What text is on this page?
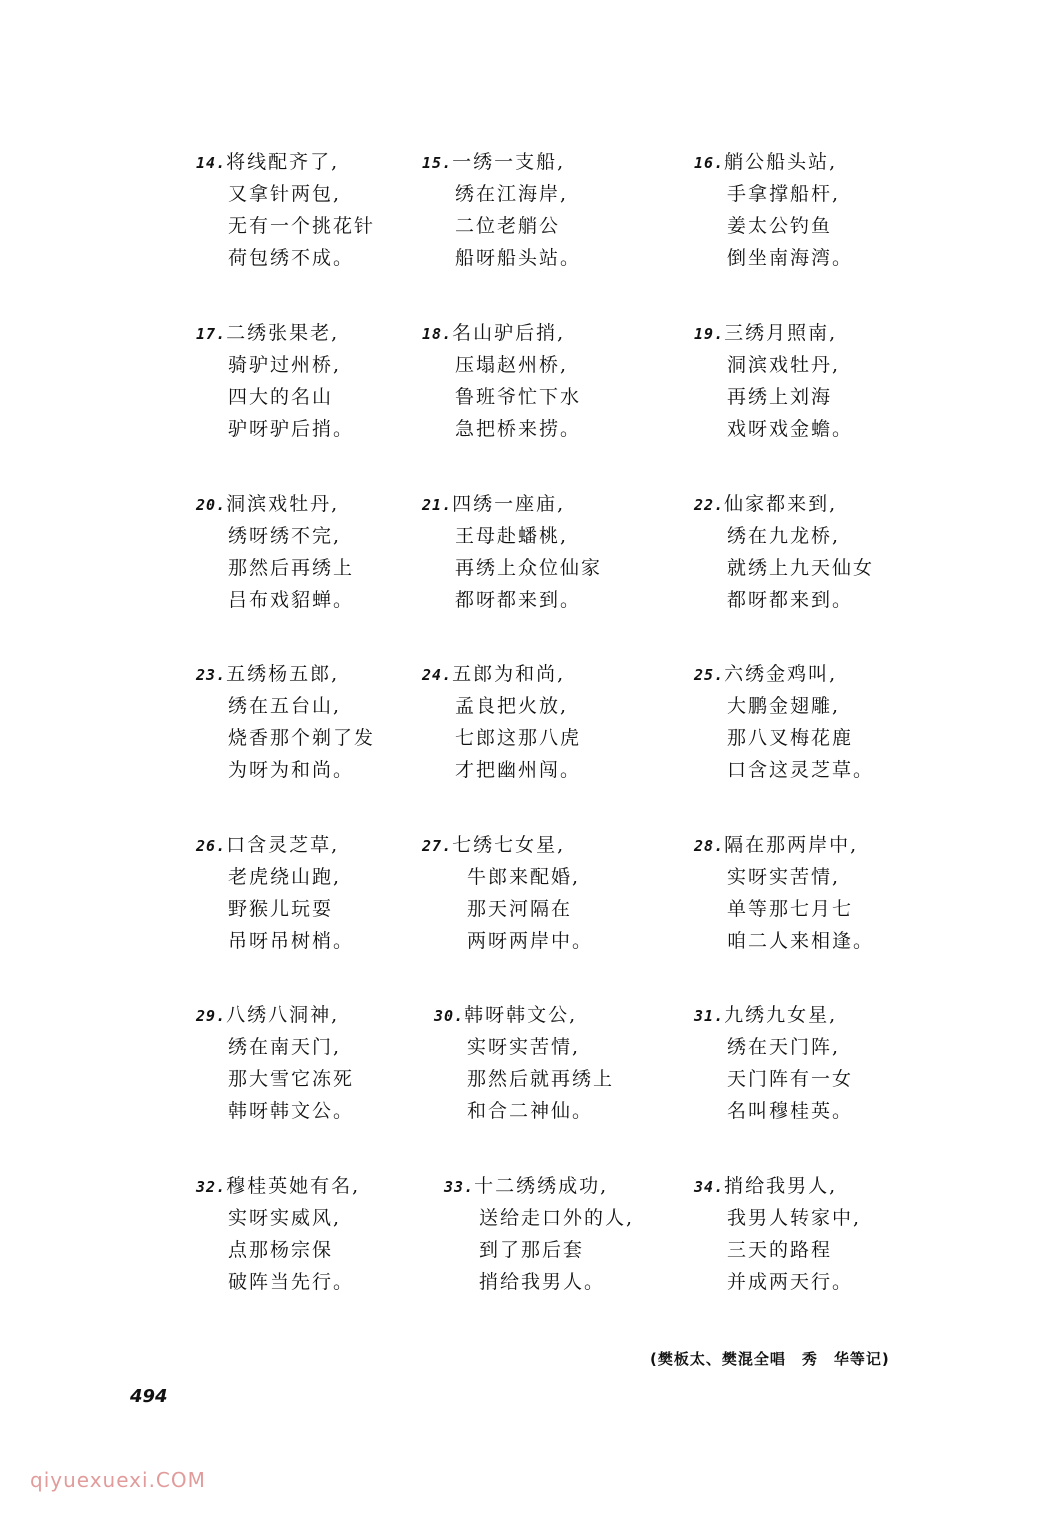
14.将线配齐了,
又拿针两包,
无有一个挑花针
荷包绣不成。
15.一绣一支船,
绣在江海岸,
二位老艄公
船呀船头站。
16.艄公船头站,
手拿撑船杆,
姜太公钓鱼
倒坐南海湾。
17.二绣张果老,
骑驴过州桥,
四大的名山
驴呀驴后捎。
18.名山驴后捎,
压塌赵州桥,
鲁班爷忙下水
急把桥来捞。
19.三绣月照南,
洞滨戏牡丹,
再绣上刘海
戏呀戏金蟾。
20.洞滨戏牡丹,
绣呀绣不完,
那然后再绣上
吕布戏貂蝉。
21.四绣一座庙,
王母赴蟠桃,
再绣上众位仙家
都呀都来到。
22.仙家都来到,
绣在九龙桥,
就绣上九天仙女
都呀都来到。
23.五绣杨五郎,
绣在五台山,
烧香那个剃了发
为呀为和尚。
24.五郎为和尚,
孟良把火放,
七郎这那八虎
才把幽州闯。
25.六绣金鸡叫,
大鹏金翅雕,
那八叉梅花鹿
口含这灵芝草。
26.口含灵芝草,
老虎绕山跑,
野猴儿玩耍
吊呀吊树梢。
27.七绣七女星,
牛郎来配婚,
那天河隔在
两呀两岸中。
28.隔在那两岸中,
实呀实苦情,
单等那七月七
咱二人来相逢。
29.八绣八洞神,
绣在南天门,
那大雪它冻死
韩呀韩文公。
30.韩呀韩文公,
实呀实苦情,
那然后就再绣上
和合二神仙。
31.九绣九女星,
绣在天门阵,
天门阵有一女
名叫穆桂英。
32.穆桂英她有名,
实呀实威风,
点那杨宗保
破阵当先行。
33.十二绣绣成功,
送给走口外的人,
到了那后套
捎给我男人。
34.捎给我男人,
我男人转家中,
三天的路程
并成两天行。
(樊板太、樊混全唱　秀　华等记)
494
qiyuexuexi.COM
